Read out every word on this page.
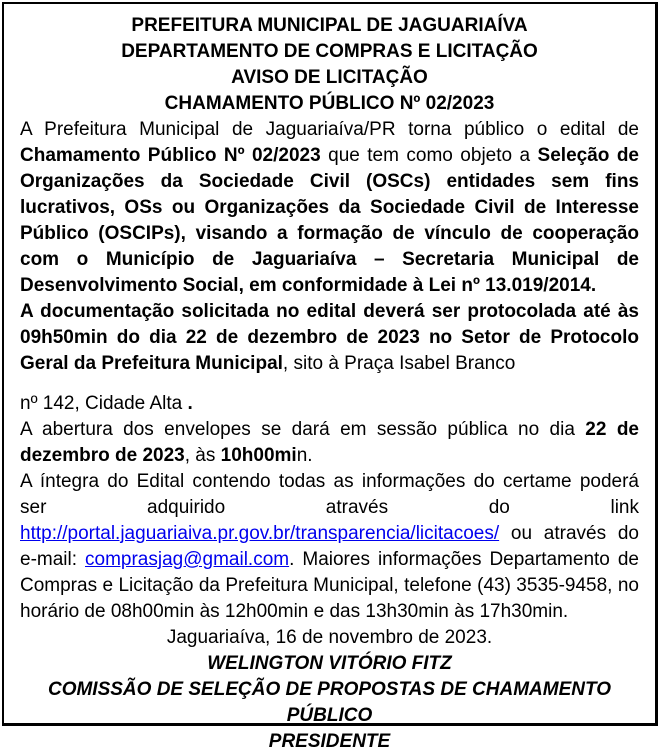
PREFEITURA MUNICIPAL DE JAGUARIAÍVA
DEPARTAMENTO DE COMPRAS E LICITAÇÃO
AVISO DE LICITAÇÃO
CHAMAMENTO PÚBLICO Nº 02/2023

A Prefeitura Municipal de Jaguariaíva/PR torna público o edital de Chamamento Público Nº 02/2023 que tem como objeto a Seleção de Organizações da Sociedade Civil (OSCs) entidades sem fins lucrativos, OSs ou Organizações da Sociedade Civil de Interesse Público (OSCIPs), visando a formação de vínculo de cooperação com o Município de Jaguariaíva – Secretaria Municipal de Desenvolvimento Social, em conformidade à Lei nº 13.019/2014.

A documentação solicitada no edital deverá ser protocolada até às 09h50min do dia 22 de dezembro de 2023 no Setor de Protocolo Geral da Prefeitura Municipal, sito à Praça Isabel Branco

nº 142, Cidade Alta .

A abertura dos envelopes se dará em sessão pública no dia 22 de dezembro de 2023, às 10h00min.

A íntegra do Edital contendo todas as informações do certame poderá ser adquirido através do link http://portal.jaguariaiva.pr.gov.br/transparencia/licitacoes/ ou através do e-mail: comprasjag@gmail.com. Maiores informações Departamento de Compras e Licitação da Prefeitura Municipal, telefone (43) 3535-9458, no horário de 08h00min às 12h00min e das 13h30min às 17h30min.

Jaguariaíva, 16 de novembro de 2023.

WELINGTON VITÓRIO FITZ

COMISSÃO DE SELEÇÃO DE PROPOSTAS DE CHAMAMENTO PÚBLICO

PRESIDENTE
